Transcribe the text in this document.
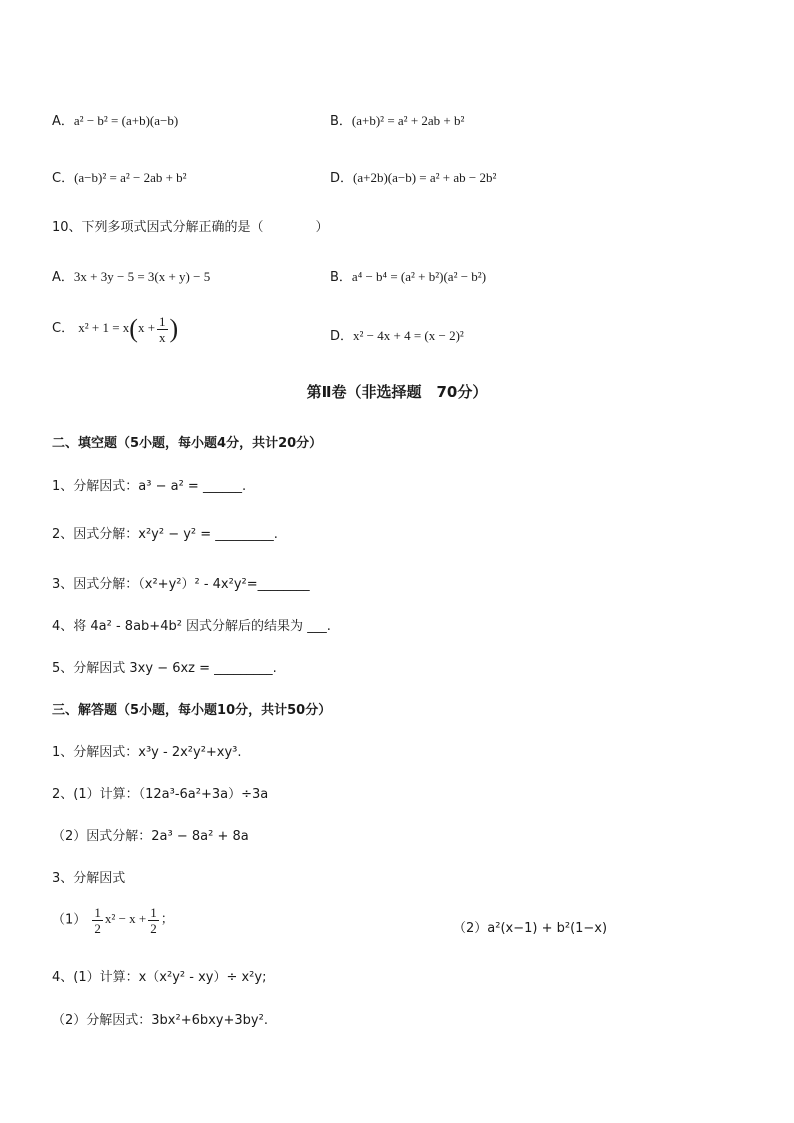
A．a² − b² = (a+b)(a−b)	B．(a+b)² = a² + 2ab + b²
C．(a−b)² = a² − 2ab + b²	D．(a+2b)(a−b) = a² + ab − 2b²
10、下列多项式因式分解正确的是（　　　　）
A．3x + 3y − 5 = 3(x + y) − 5	B．a⁴ − b⁴ = (a² + b²)(a² − b²)
C． $x^2 + 1 = x(x + \frac{1}{x}$ )	D．x² − 4x + 4 = (x − 2)²
第Ⅱ卷（非选择题　70分）
二、填空题（5小题，每小题4分，共计20分）
1、分解因式：a³ − a² = ______.
2、因式分解：x²y² − y² = _________.
3、因式分解：（x²+y²）² - 4x²y²=________
4、将 4a² - 8ab+4b² 因式分解后的结果为 ___.
5、分解因式 3xy − 6xz = _________.
三、解答题（5小题，每小题10分，共计50分）
1、分解因式：x³y - 2x²y²+xy³.
2、(1）计算：（12a³-6a²+3a）÷3a
（2）因式分解：2a³ − 8a² + 8a
3、分解因式
$(1) \frac{1}{2} x^2 - x + \frac{1}{2}$ ；
（2）a²(x−1) + b²(1−x)
4、(1）计算：x（x²y² - xy）÷ x²y;
（2）分解因式：3bx²+6bxy+3by².
